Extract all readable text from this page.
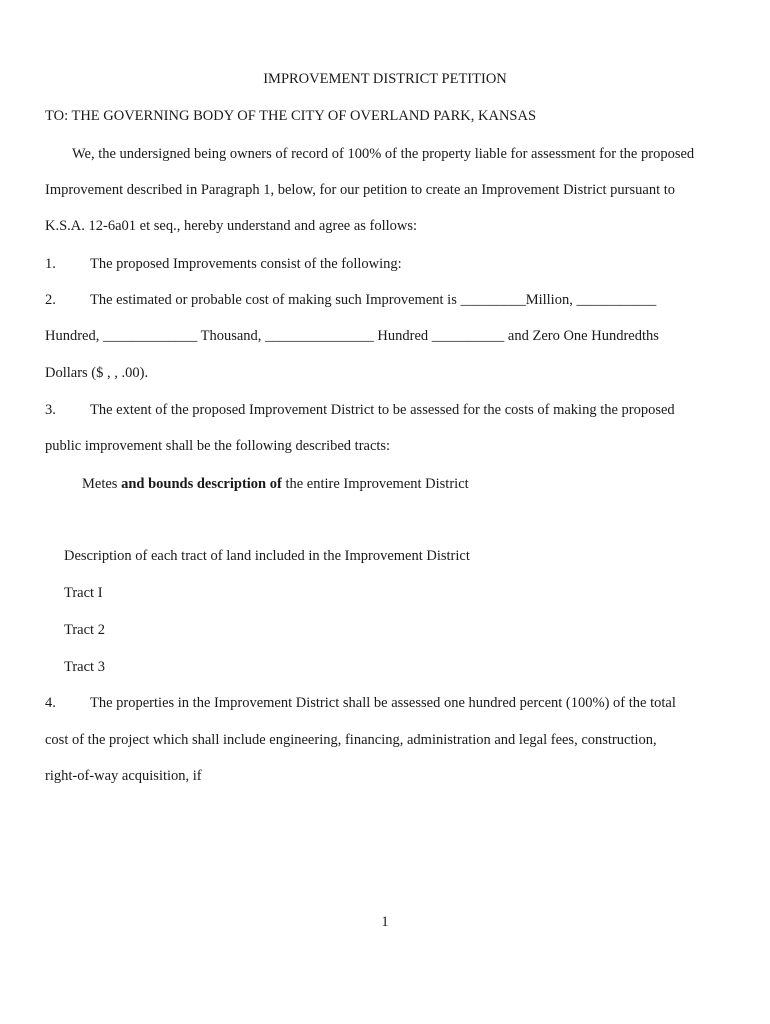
IMPROVEMENT DISTRICT PETITION
TO: THE GOVERNING BODY OF THE CITY OF OVERLAND PARK, KANSAS
We, the undersigned being owners of record of 100% of the property liable for assessment for the proposed
Improvement described in Paragraph 1, below, for our petition to create an Improvement District pursuant to
K.S.A. 12-6a01 et seq., hereby understand and agree as follows:
1. The proposed Improvements consist of the following:
2. The estimated or probable cost of making such Improvement is _________Million, ___________
Hundred, _____________ Thousand, _______________ Hundred __________ and Zero One Hundredths
Dollars ($ , , .00).
3. The extent of the proposed Improvement District to be assessed for the costs of making the proposed
public improvement shall be the following described tracts:
Metes and bounds description of the entire Improvement District
Description of each tract of land included in the Improvement District
Tract I
Tract 2
Tract 3
4. The properties in the Improvement District shall be assessed one hundred percent (100%) of the total
cost of the project which shall include engineering, financing, administration and legal fees, construction,
right-of-way acquisition, if
1
